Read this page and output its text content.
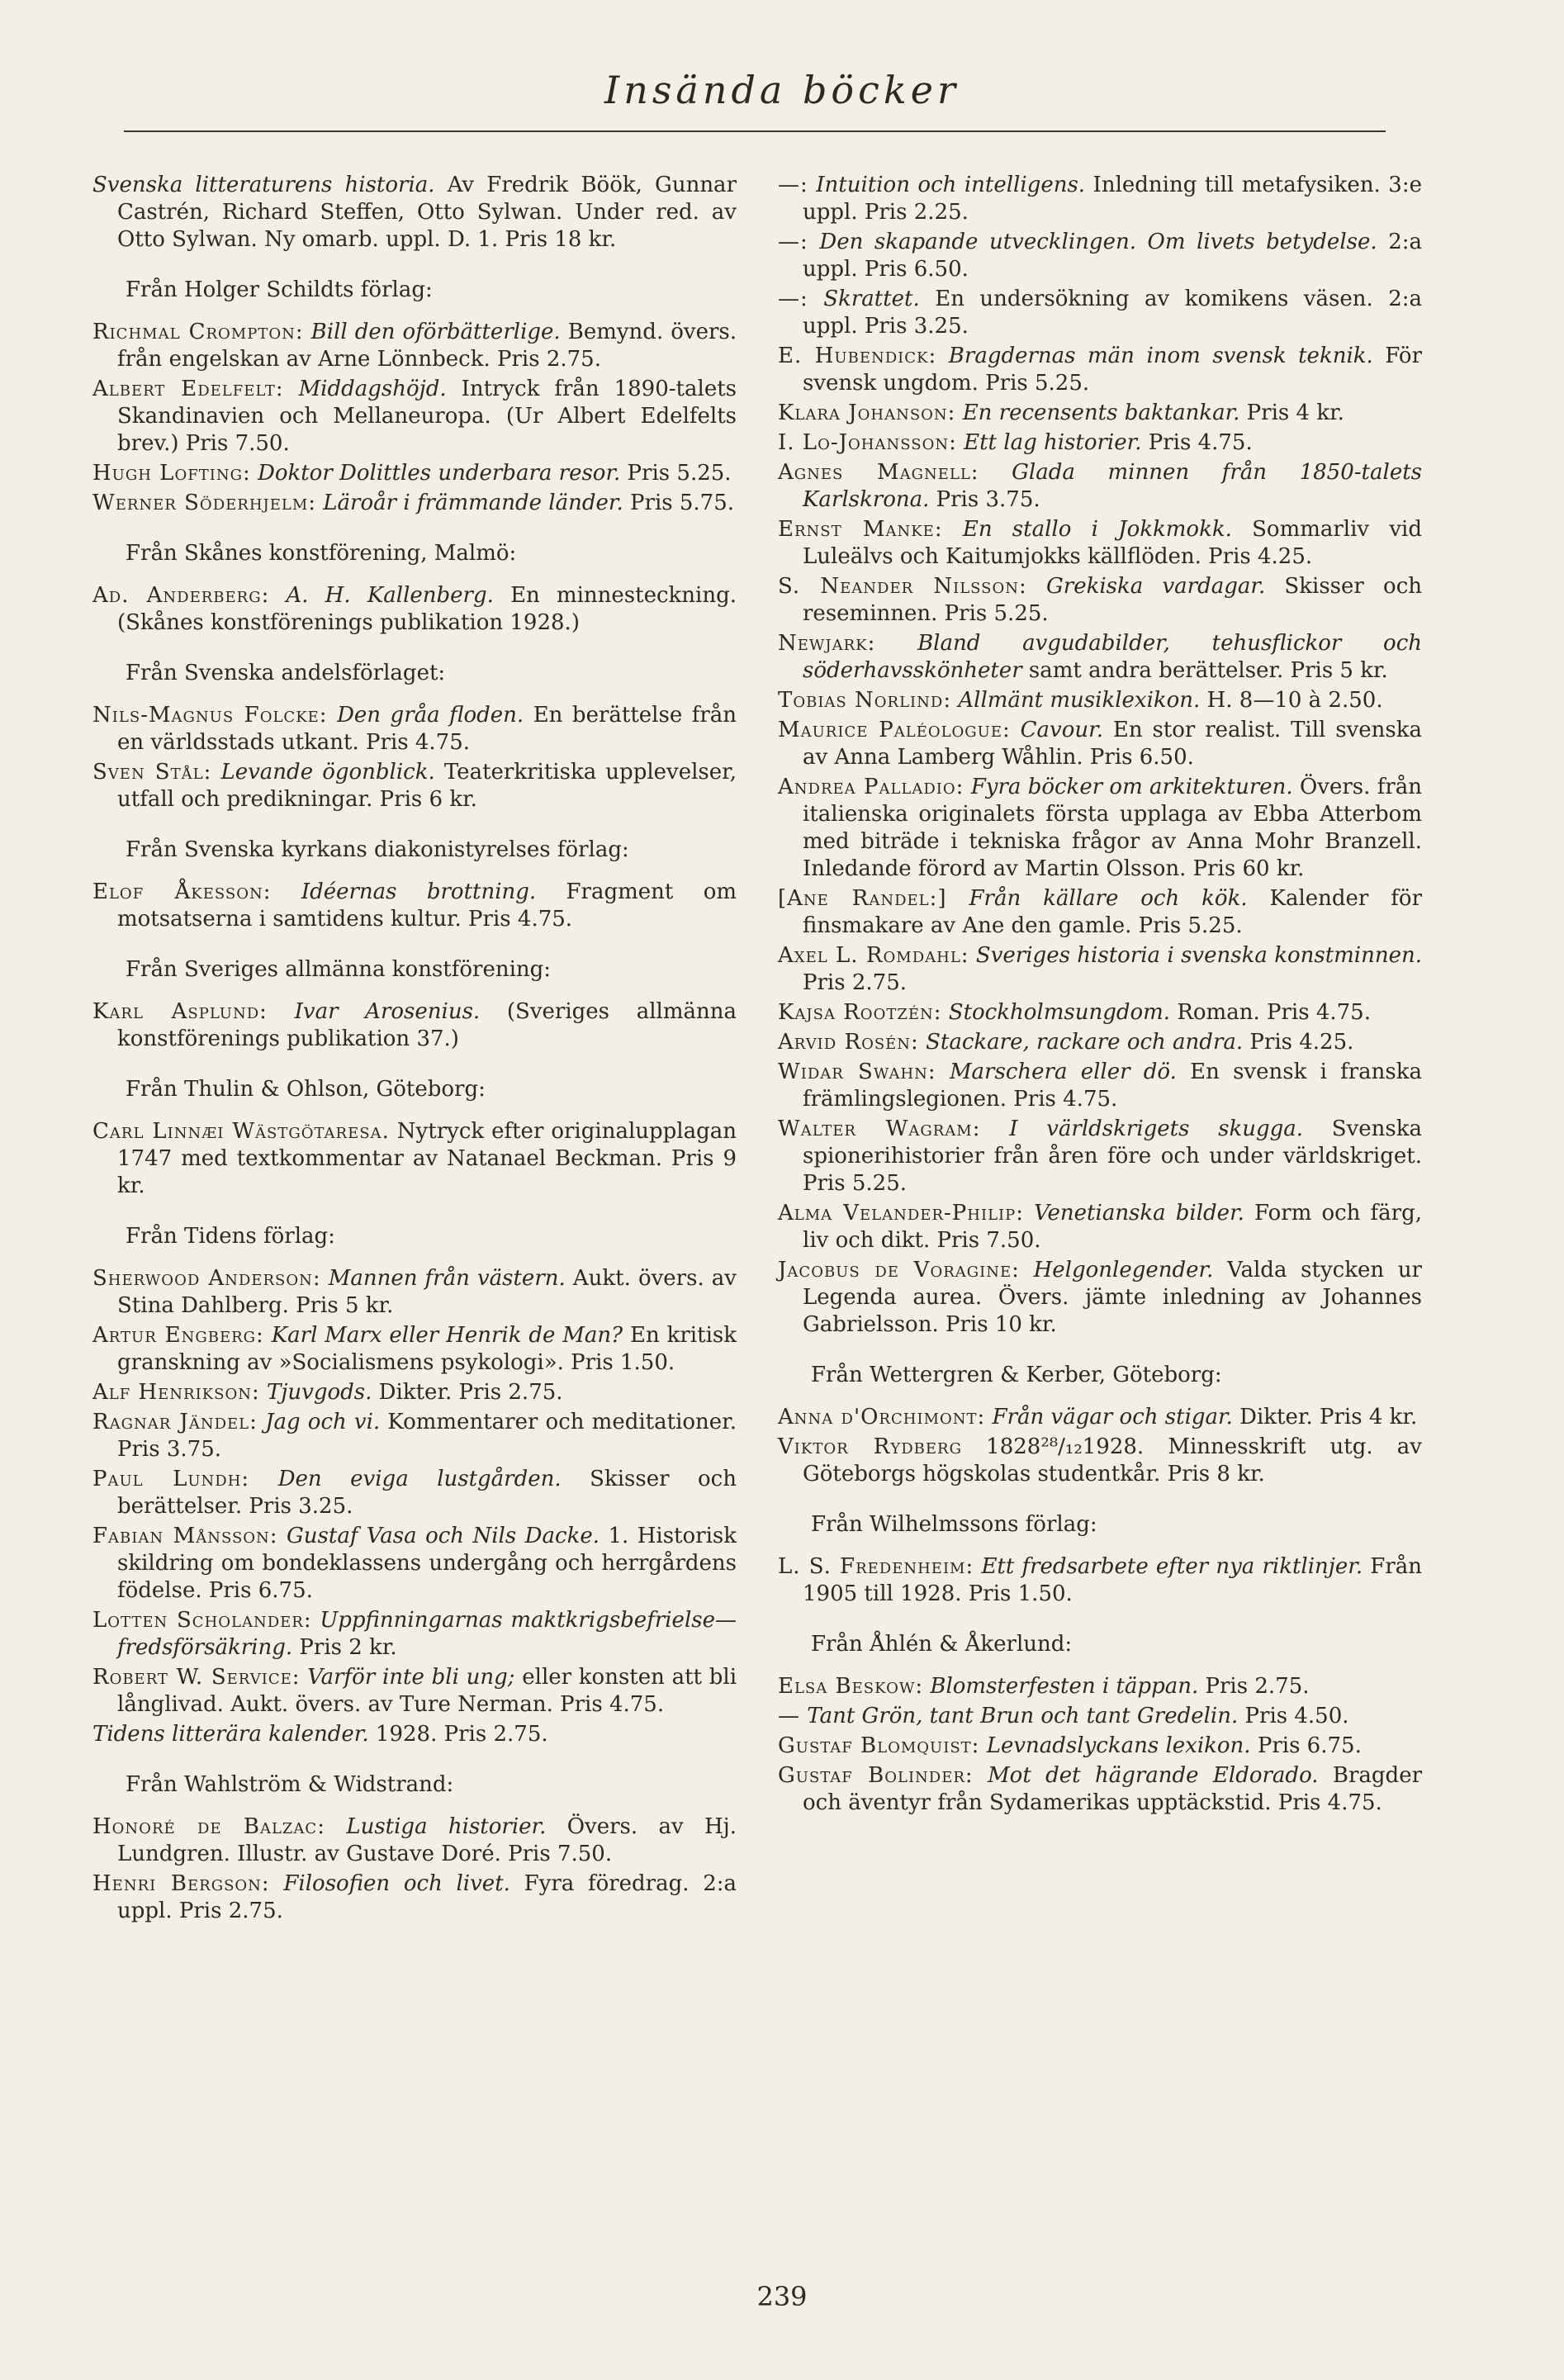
Insända böcker

Svenska litteraturens historia. Av Fredrik Böök, Gunnar Castrén, Richard Steffen, Otto Sylwan. Under red. av Otto Sylwan. Ny omarb. uppl. D. 1. Pris 18 kr.

Från Holger Schildts förlag:

Richmal Crompton: Bill den oförbätterlige. Bemynd. övers. från engelskan av Arne Lönnbeck. Pris 2.75.

Albert Edelfelt: Middagshöjd. Intryck från 1890-talets Skandinavien och Mellaneuropa. (Ur Albert Edelfelts brev.) Pris 7.50.

Hugh Lofting: Doktor Dolittles underbara resor. Pris 5.25.

Werner Söderhjelm: Läroår i främmande länder. Pris 5.75.

Från Skånes konstförening, Malmö:

Ad. Anderberg: A. H. Kallenberg. En minnesteckning. (Skånes konstförenings publikation 1928.)

Från Svenska andelsförlaget:

Nils-Magnus Folcke: Den gråa floden. En berättelse från en världsstads utkant. Pris 4.75.

Sven Stål: Levande ögonblick. Teaterkritiska upplevelser, utfall och predikningar. Pris 6 kr.

Från Svenska kyrkans diakonistyrelses förlag:

Elof Åkesson: Idéernas brottning. Fragment om motsatserna i samtidens kultur. Pris 4.75.

Från Sveriges allmänna konstförening:

Karl Asplund: Ivar Arosenius. (Sveriges allmänna konstförenings publikation 37.)

Från Thulin & Ohlson, Göteborg:

Carl Linnæi Wästgötaresa. Nytryck efter originalupplagan 1747 med textkommentar av Natanael Beckman. Pris 9 kr.

Från Tidens förlag:

Sherwood Anderson: Mannen från västern. Aukt. övers. av Stina Dahlberg. Pris 5 kr.

Artur Engberg: Karl Marx eller Henrik de Man? En kritisk granskning av »Socialismens psykologi». Pris 1.50.

Alf Henrikson: Tjuvgods. Dikter. Pris 2.75.

Ragnar Jändel: Jag och vi. Kommentarer och meditationer. Pris 3.75.

Paul Lundh: Den eviga lustgården. Skisser och berättelser. Pris 3.25.

Fabian Månsson: Gustaf Vasa och Nils Dacke. 1. Historisk skildring om bondeklassens undergång och herrgårdens födelse. Pris 6.75.

Lotten Scholander: Uppfinningarnas maktkrigsbefrielse—fredsförsäkring. Pris 2 kr.

Robert W. Service: Varför inte bli ung; eller konsten att bli långlivad. Aukt. övers. av Ture Nerman. Pris 4.75.

Tidens litterära kalender. 1928. Pris 2.75.

Från Wahlström & Widstrand:

Honoré de Balzac: Lustiga historier. Övers. av Hj. Lundgren. Illustr. av Gustave Doré. Pris 7.50.

Henri Bergson: Filosofien och livet. Fyra föredrag. 2:a uppl. Pris 2.75.

—: Intuition och intelligens. Inledning till metafysiken. 3:e uppl. Pris 2.25.

—: Den skapande utvecklingen. Om livets betydelse. 2:a uppl. Pris 6.50.

—: Skrattet. En undersökning av komikens väsen. 2:a uppl. Pris 3.25.

E. Hubendick: Bragdernas män inom svensk teknik. För svensk ungdom. Pris 5.25.

Klara Johanson: En recensents baktankar. Pris 4 kr.

I. Lo-Johansson: Ett lag historier. Pris 4.75.

Agnes Magnell: Glada minnen från 1850-talets Karlskrona. Pris 3.75.

Ernst Manke: En stallo i Jokkmokk. Sommarliv vid Luleälvs och Kaitumjokks källflöden. Pris 4.25.

S. Neander Nilsson: Grekiska vardagar. Skisser och reseminnen. Pris 5.25.

Newjark: Bland avgudabilder, tehusflickor och söderhavsskönheter samt andra berättelser. Pris 5 kr.

Tobias Norlind: Allmänt musiklexikon. H. 8—10 à 2.50.

Maurice Paléologue: Cavour. En stor realist. Till svenska av Anna Lamberg Wåhlin. Pris 6.50.

Andrea Palladio: Fyra böcker om arkitekturen. Övers. från italienska originalets första upplaga av Ebba Atterbom med biträde i tekniska frågor av Anna Mohr Branzell. Inledande förord av Martin Olsson. Pris 60 kr.

[Ane Randel:] Från källare och kök. Kalender för finsmakare av Ane den gamle. Pris 5.25.

Axel L. Romdahl: Sveriges historia i svenska konstminnen. Pris 2.75.

Kajsa Rootzén: Stockholmsungdom. Roman. Pris 4.75.

Arvid Rosén: Stackare, rackare och andra. Pris 4.25.

Widar Swahn: Marschera eller dö. En svensk i franska främlingslegionen. Pris 4.75.

Walter Wagram: I världskrigets skugga. Svenska spionerihistorier från åren före och under världskriget. Pris 5.25.

Alma Velander-Philip: Venetianska bilder. Form och färg, liv och dikt. Pris 7.50.

Jacobus de Voragine: Helgonlegender. Valda stycken ur Legenda aurea. Övers. jämte inledning av Johannes Gabrielsson. Pris 10 kr.

Från Wettergren & Kerber, Göteborg:

Anna d'Orchimont: Från vägar och stigar. Dikter. Pris 4 kr.

Viktor Rydberg 1828²⁸/₁₂1928. Minnesskrift utg. av Göteborgs högskolas studentkår. Pris 8 kr.

Från Wilhelmssons förlag:

L. S. Fredenheim: Ett fredsarbete efter nya riktlinjer. Från 1905 till 1928. Pris 1.50.

Från Åhlén & Åkerlund:

Elsa Beskow: Blomsterfesten i täppan. Pris 2.75.

— Tant Grön, tant Brun och tant Gredelin. Pris 4.50.

Gustaf Blomquist: Levnadslyckans lexikon. Pris 6.75.

Gustaf Bolinder: Mot det hägrande Eldorado. Bragder och äventyr från Sydamerikas upptäckstid. Pris 4.75.

239
